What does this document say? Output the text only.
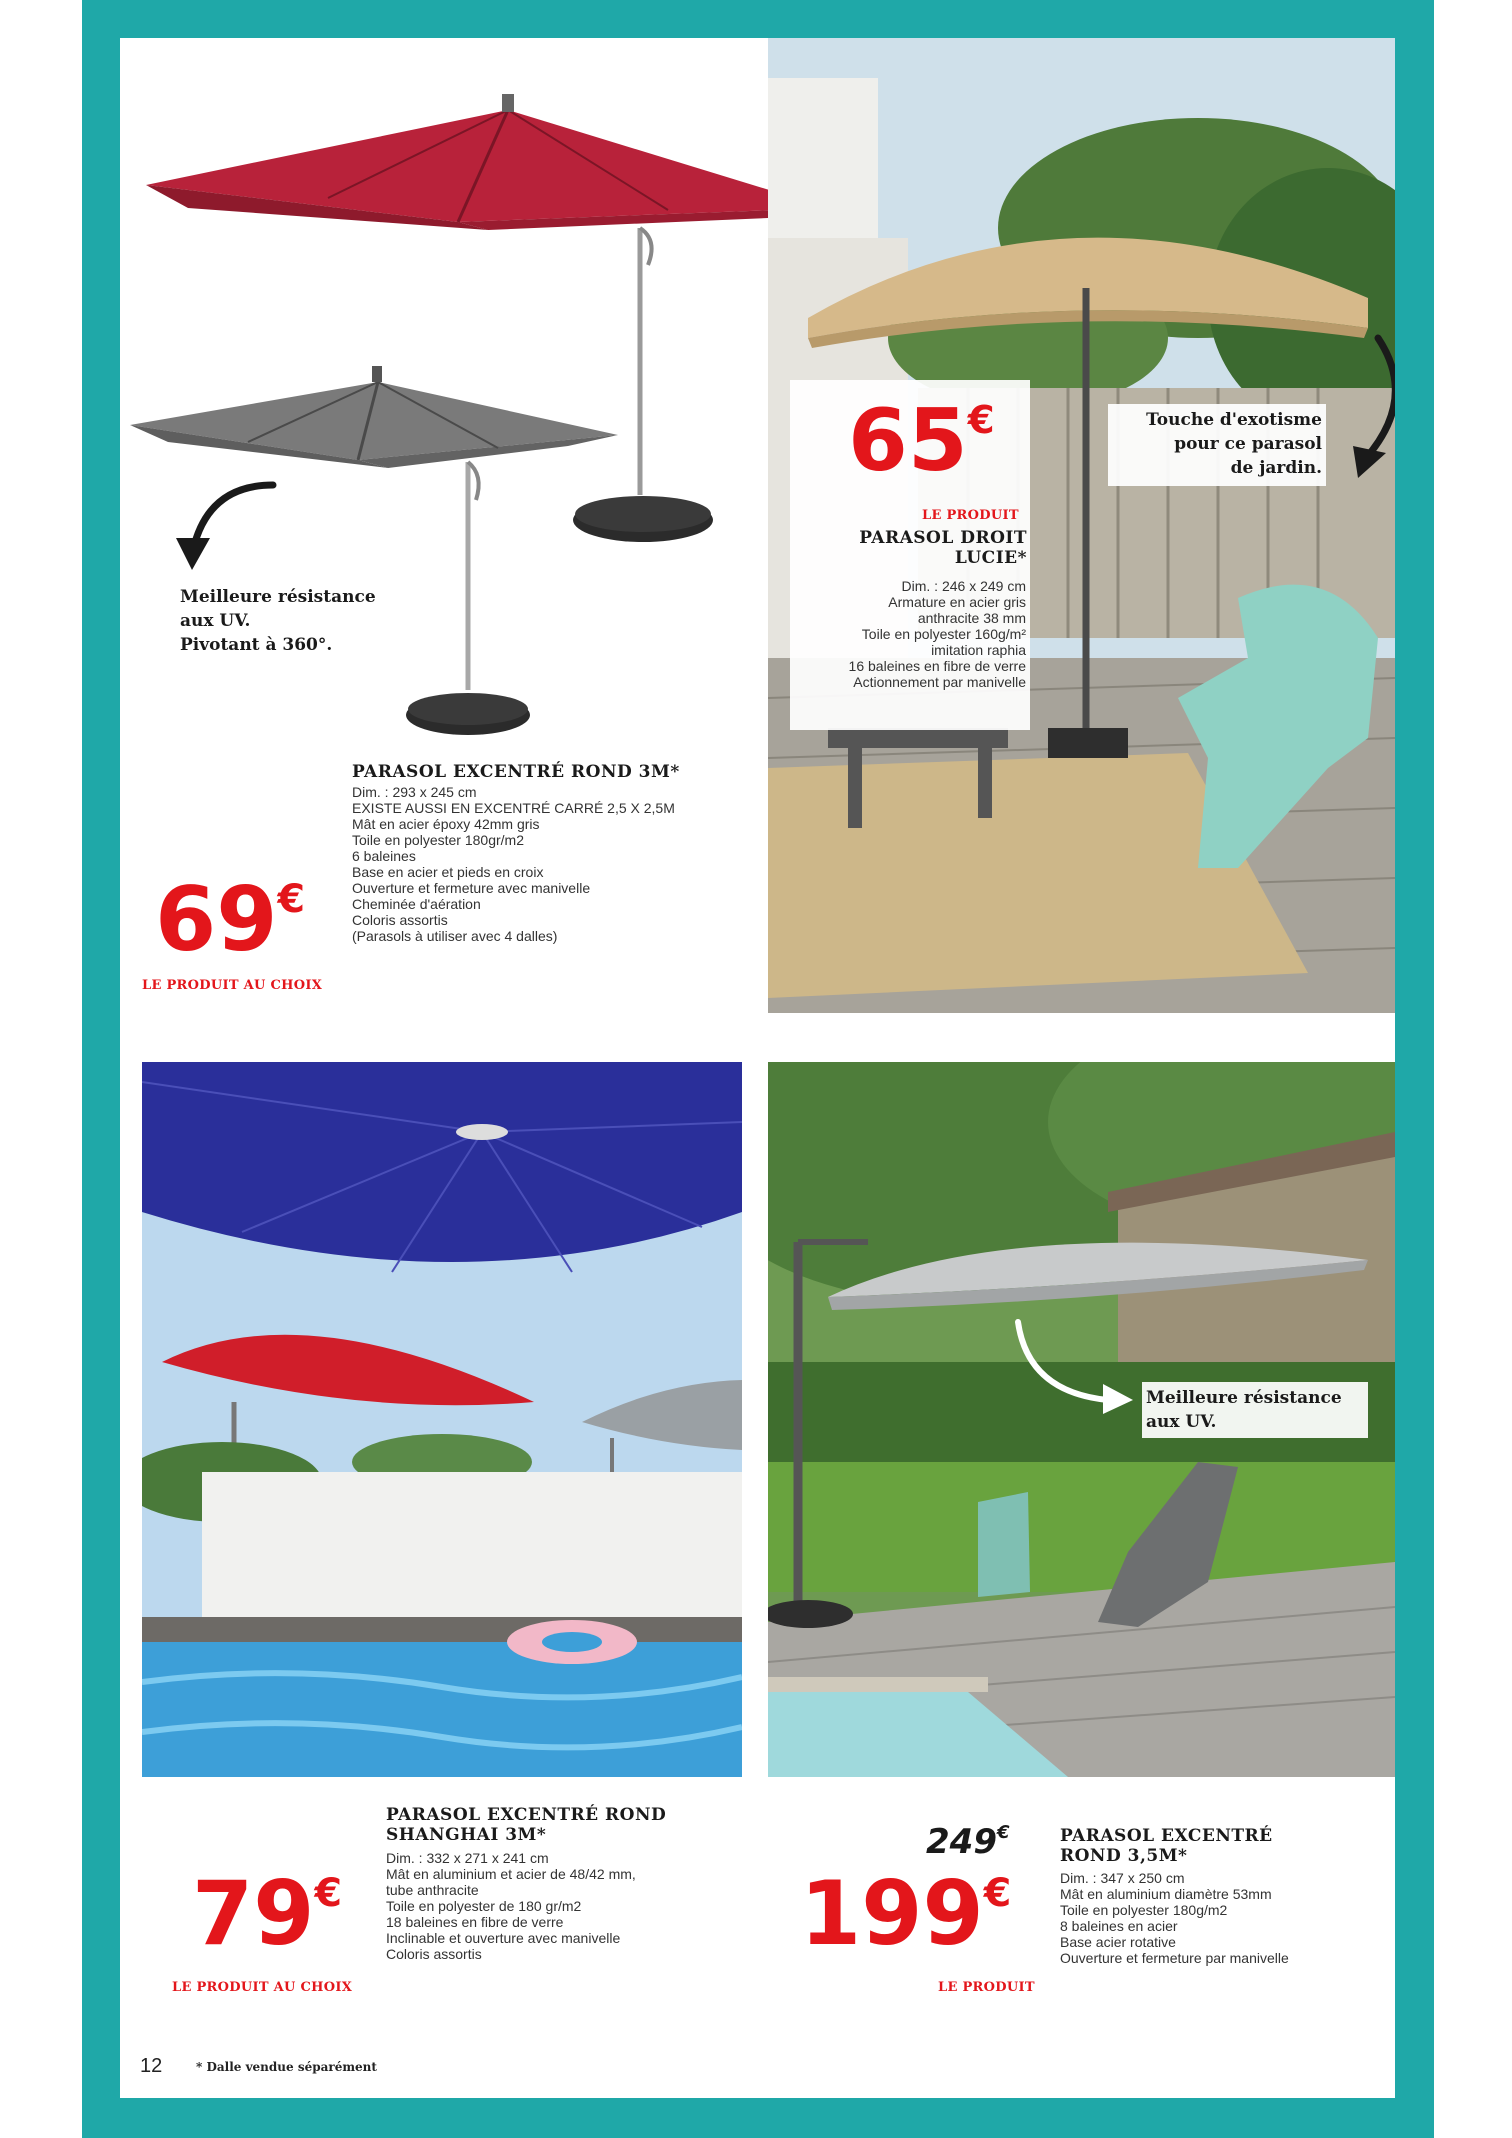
Meilleure résistance
aux UV.
Pivotant à 360°.
PARASOL EXCENTRÉ ROND 3M*
Dim. : 293 x 245 cm
EXISTE AUSSI EN EXCENTRÉ CARRÉ 2,5 X 2,5M
Mât en acier époxy 42mm gris
Toile en polyester 180gr/m2
6 baleines
Base en acier et pieds en croix
Ouverture et fermeture avec manivelle
Cheminée d'aération
Coloris assortis
(Parasols à utiliser avec 4 dalles)
69€
LE PRODUIT AU CHOIX
65€
LE PRODUIT
PARASOL DROIT
LUCIE*
Dim. : 246 x 249 cm
Armature en acier gris
anthracite 38 mm
Toile en polyester 160g/m²
imitation raphia
16 baleines en fibre de verre
Actionnement par manivelle
Touche d'exotisme
pour ce parasol
de jardin.
PARASOL EXCENTRÉ ROND
SHANGHAI 3M*
Dim. : 332 x 271 x 241 cm
Mât en aluminium et acier de 48/42 mm,
tube anthracite
Toile en polyester de 180 gr/m2
18 baleines en fibre de verre
Inclinable et ouverture avec manivelle
Coloris assortis
79€
LE PRODUIT AU CHOIX
Meilleure résistance
aux UV.
249€
199€
LE PRODUIT
PARASOL EXCENTRÉ
ROND 3,5M*
Dim. : 347 x 250 cm
Mât en aluminium diamètre 53mm
Toile en polyester 180g/m2
8 baleines en acier
Base acier rotative
Ouverture et fermeture par manivelle
12	* Dalle vendue séparément
